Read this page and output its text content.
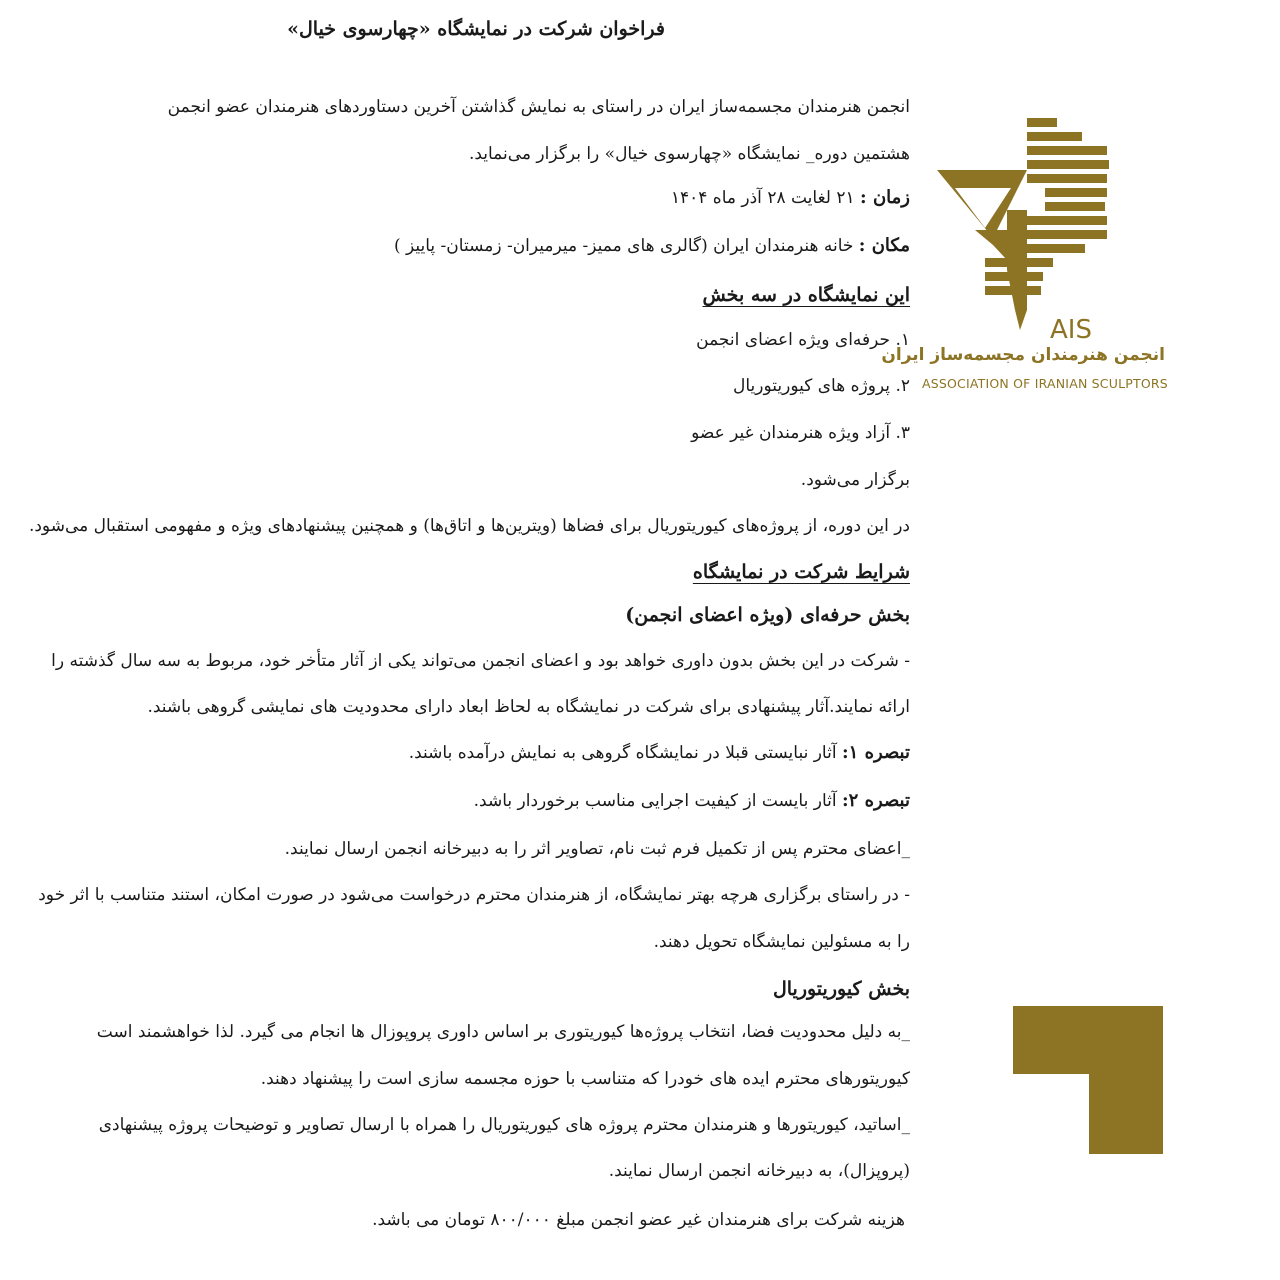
فراخوان شرکت در نمایشگاه «چهارسوی خیال»
انجمن هنرمندان مجسمه‌ساز ایران در راستای به نمایش گذاشتن آخرین دستاوردهای هنرمندان عضو انجمن
هشتمین دوره_ نمایشگاه «چهارسوی خیال» را برگزار می‌نماید.
زمان : ۲۱ لغایت ۲۸ آذر ماه ۱۴۰۴
مکان : خانه هنرمندان ایران (گالری های ممیز- میرمیران- زمستان- پاییز )
این نمایشگاه در سه بخش
۱. حرفه‌ای ویژه اعضای انجمن
۲. پروژه های کیوریتوریال
۳. آزاد ویژه هنرمندان غیر عضو
برگزار می‌شود.
در این دوره، از پروژه‌های کیوریتوریال برای فضاها (ویترین‌ها و اتاق‌ها) و همچنین پیشنهادهای ویژه و مفهومی استقبال می‌شود.
شرایط شرکت در نمایشگاه
بخش حرفه‌ای (ویژه اعضای انجمن)
- شرکت در این بخش بدون داوری خواهد بود و اعضای انجمن می‌تواند یکی از آثار متأخر خود، مربوط به سه سال گذشته را
ارائه نمایند.آثار پیشنهادی برای شرکت در نمایشگاه به لحاظ ابعاد دارای محدودیت های نمایشی گروهی باشند.
تبصره ۱: آثار نبایستی قبلا در نمایشگاه گروهی به نمایش درآمده باشند.
تبصره ۲: آثار بایست از کیفیت اجرایی مناسب برخوردار باشد.
_اعضای محترم پس از تکمیل فرم ثبت نام، تصاویر اثر را به دبیرخانه انجمن ارسال نمایند.
- در راستای برگزاری هرچه بهتر نمایشگاه، از هنرمندان محترم درخواست می‌شود در صورت امکان، استند متناسب با اثر خود
را به مسئولین نمایشگاه تحویل دهند.
بخش کیوریتوریال
_به دلیل محدودیت فضا، انتخاب پروژه‌ها کیوریتوری بر اساس داوری پروپوزال ها انجام می گیرد. لذا خواهشمند است
کیوریتورهای محترم ایده های خودرا که متناسب با حوزه مجسمه سازی است را پیشنهاد دهند.
_اساتید، کیوریتورها و هنرمندان محترم پروژه های کیوریتوریال را همراه با ارسال تصاویر و توضیحات پروژه پیشنهادی
(پروپزال)، به دبیرخانه انجمن ارسال نمایند.
هزینه شرکت برای هنرمندان غیر عضو انجمن مبلغ ۸۰۰/۰۰۰ تومان می باشد.
AIS
انجمن هنرمندان مجسمه‌ساز ایران
ASSOCIATION OF IRANIAN SCULPTORS
